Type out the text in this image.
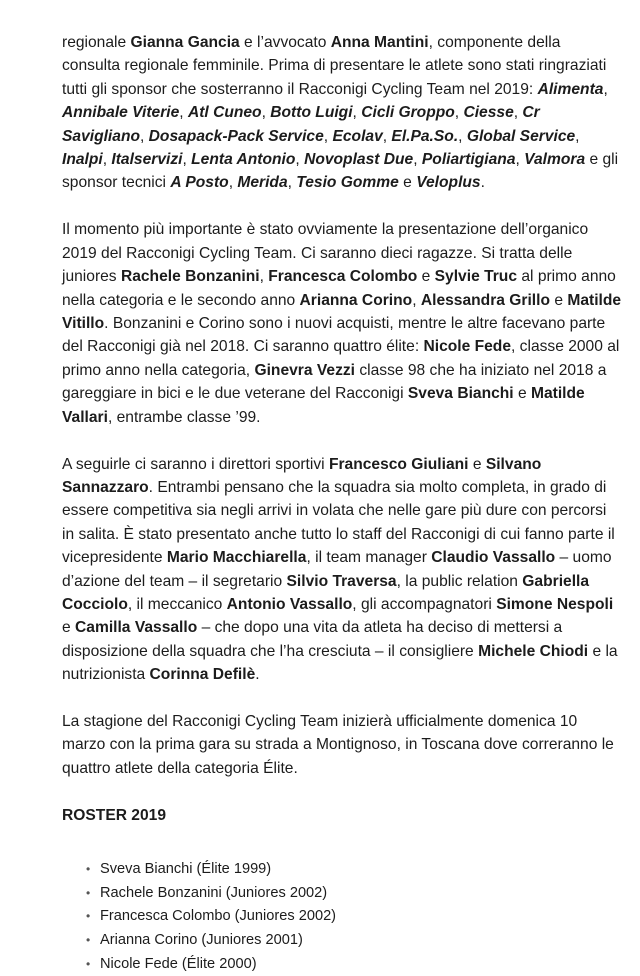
regionale Gianna Gancia e l’avvocato Anna Mantini, componente della consulta regionale femminile. Prima di presentare le atlete sono stati ringraziati tutti gli sponsor che sosterranno il Racconigi Cycling Team nel 2019: Alimenta, Annibale Viterie, Atl Cuneo, Botto Luigi, Cicli Groppo, Ciesse, Cr Savigliano, Dosapack-Pack Service, Ecolav, El.Pa.So., Global Service, Inalpi, Italservizi, Lenta Antonio, Novoplast Due, Poliartigiana, Valmora e gli sponsor tecnici A Posto, Merida, Tesio Gomme e Veloplus.

Il momento più importante è stato ovviamente la presentazione dell’organico 2019 del Racconigi Cycling Team. Ci saranno dieci ragazze. Si tratta delle juniores Rachele Bonzanini, Francesca Colombo e Sylvie Truc al primo anno nella categoria e le secondo anno Arianna Corino, Alessandra Grillo e Matilde Vitillo. Bonzanini e Corino sono i nuovi acquisti, mentre le altre facevano parte del Racconigi già nel 2018. Ci saranno quattro élite: Nicole Fede, classe 2000 al primo anno nella categoria, Ginevra Vezzi classe 98 che ha iniziato nel 2018 a gareggiare in bici e le due veterane del Racconigi Sveva Bianchi e Matilde Vallari, entrambe classe ’99.

A seguirle ci saranno i direttori sportivi Francesco Giuliani e Silvano Sannazzaro. Entrambi pensano che la squadra sia molto completa, in grado di essere competitiva sia negli arrivi in volata che nelle gare più dure con percorsi in salita. È stato presentato anche tutto lo staff del Racconigi di cui fanno parte il vicepresidente Mario Macchiarella, il team manager Claudio Vassallo – uomo d’azione del team – il segretario Silvio Traversa, la public relation Gabriella Cocciolo, il meccanico Antonio Vassallo, gli accompagnatori Simone Nespoli e Camilla Vassallo – che dopo una vita da atleta ha deciso di mettersi a disposizione della squadra che l’ha cresciuta – il consigliere Michele Chiodi e la nutrizionista Corinna Defilè.

La stagione del Racconigi Cycling Team inizierà ufficialmente domenica 10 marzo con la prima gara su strada a Montignoso, in Toscana dove correranno le quattro atlete della categoria Élite.

ROSTER 2019
• Sveva Bianchi (Élite 1999)
• Rachele Bonzanini (Juniores 2002)
• Francesca Colombo (Juniores 2002)
• Arianna Corino (Juniores 2001)
• Nicole Fede (Élite 2000)
